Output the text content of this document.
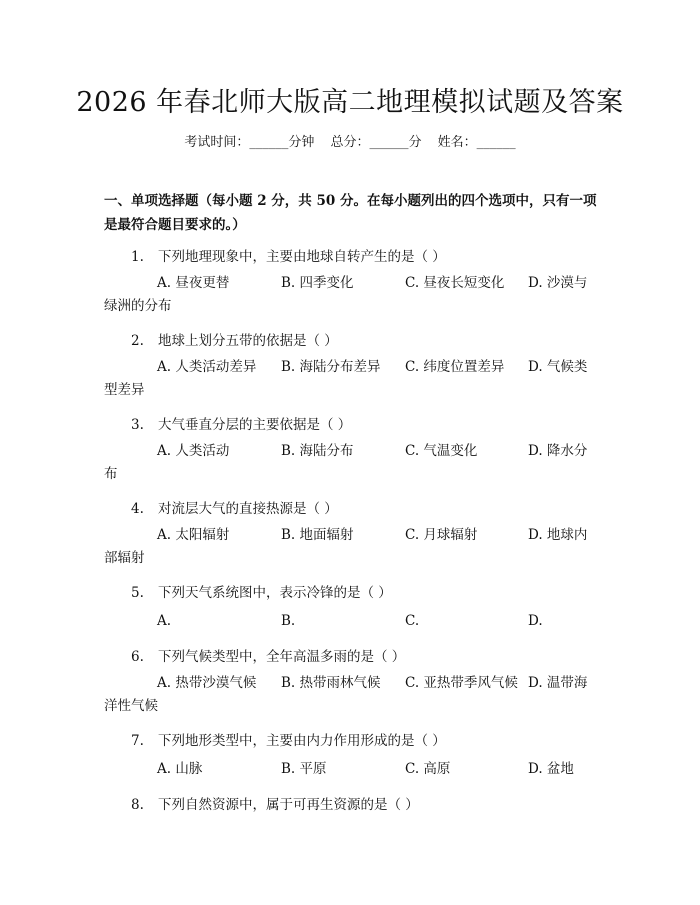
2026 年春北师大版高二地理模拟试题及答案
考试时间：______分钟 总分：______分 姓名：______
一、单项选择题（每小题 2 分，共 50 分。在每小题列出的四个选项中，只有一项是最符合题目要求的。）
1. 下列地理现象中，主要由地球自转产生的是（ ）
A. 昼夜更替	B. 四季变化	C. 昼夜长短变化 D. 沙漠与绿洲的分布
2. 地球上划分五带的依据是（ ）
A. 人类活动差异 B. 海陆分布差异 C. 纬度位置差异 D. 气候类型差异
3. 大气垂直分层的主要依据是（ ）
A. 人类活动	B. 海陆分布	C. 气温变化	D. 降水分布
4. 对流层大气的直接热源是（ ）
A. 太阳辐射	B. 地面辐射	C. 月球辐射	D. 地球内部辐射
5. 下列天气系统图中，表示冷锋的是（ ）
A.	B.	C.	D.
6. 下列气候类型中，全年高温多雨的是（ ）
A. 热带沙漠气候 B. 热带雨林气候 C. 亚热带季风气候 D. 温带海洋性气候
7. 下列地形类型中，主要由内力作用形成的是（ ）
A. 山脉	B. 平原	C. 高原	D. 盆地
8. 下列自然资源中，属于可再生资源的是（ ）
